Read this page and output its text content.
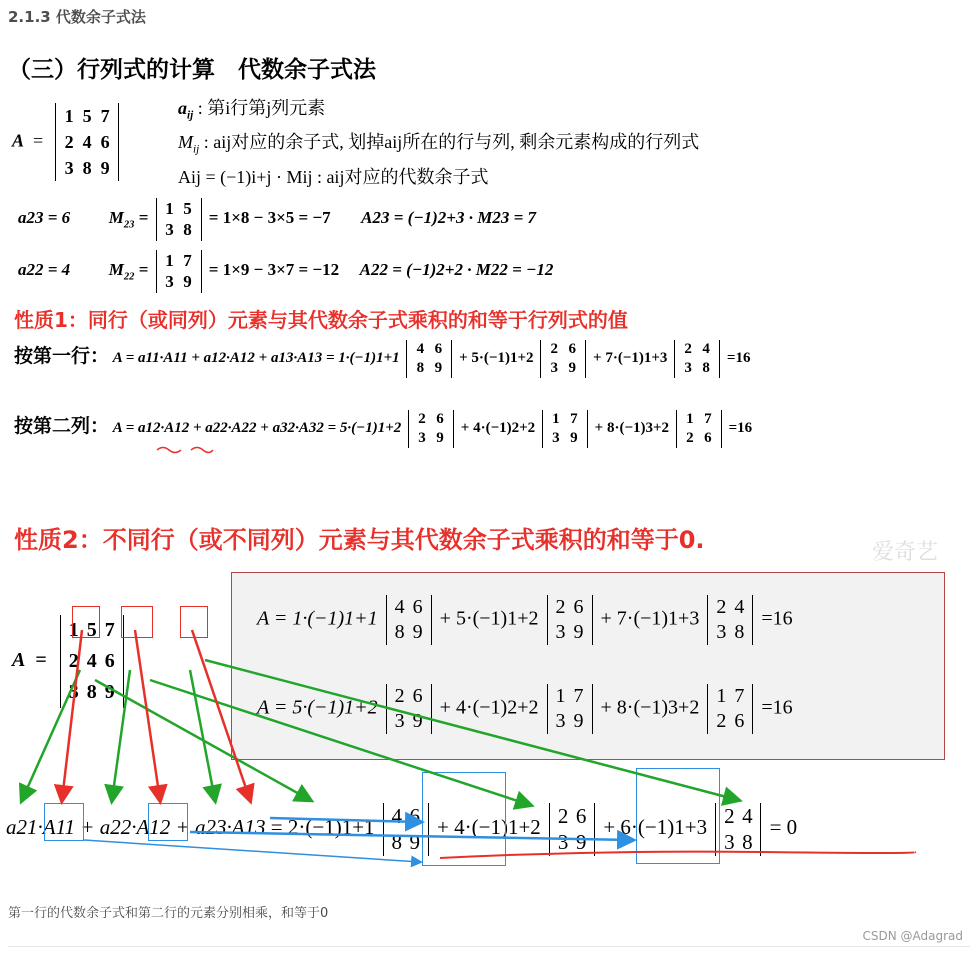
2.1.3 代数余子式法
（三）行列式的计算　代数余子式法
A  =
1 5 7
2 4 6
3 8 9
$a_{ij}$ : 第i行第j列元素
$M_{ij}$ : aij对应的余子式, 划掉aij所在的行与列, 剩余元素构成的行列式
Aij = (−1)i+j · Mij : aij对应的代数余子式
a23 = 6 $M_{23} = 1$ 5
3 8
= 1×8 − 3×5 = −7 A23 = (−1)2+3 · M23 = 7
a22 = 4 $M_{22} = 1$ 7
3 9
= 1×9 − 3×7 = −12 A22 = (−1)2+2 · M22 = −12
性质1：同行（或同列）元素与其代数余子式乘积的和等于行列式的值
按第一行： A = a11·A11 + a12·A12 + a13·A13 = 1·(−1)1+1
4 6
8 9
+ 5·(−1)1+2
2 6
3 9
+ 7·(−1)1+3
2 4
3 8
=16
按第二列： A = a12·A12 + a22·A22 + a32·A32 = 5·(−1)1+2
2 6
3 9
+ 4·(−1)2+2
1 7
3 9
+ 8·(−1)3+2
1 7
2 6
=16
性质2：不同行（或不同列）元素与其代数余子式乘积的和等于0.	爱奇艺
A = 1·(−1)1+1
4 6
8 9
+ 5·(−1)1+2
2 6
3 9
+ 7·(−1)1+3
2 4
3 8
=16
A = 5·(−1)1+2
2 6
3 9
+ 4·(−1)2+2
1 7
3 9
+ 8·(−1)3+2
1 7
2 6
=16
A  =
1 5 7
2 4 6
3 8 9
a21·A11 + a22·A12 + a23·A13 = 2·(−1)1+1 4 6
8 9
+ 4·(−1)1+2 2 6
3 9
+ 6·(−1)1+3 2 4
3 8
= 0
第一行的代数余子式和第二行的元素分别相乘，和等于0
CSDN @Adagrad
